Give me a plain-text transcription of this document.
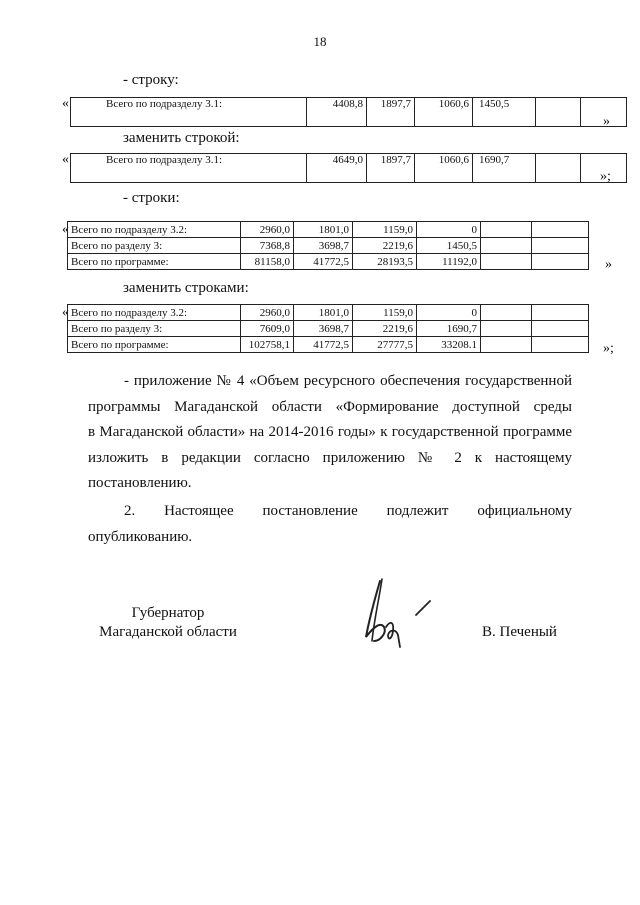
18
- строку:
«	Всего по подразделу 3.1:	4408,8	1897,7	1060,6	1450,5		
»
заменить строкой:
«	Всего по подразделу 3.1:	4649,0	1897,7	1060,6	1690,7		
»;
- строки:
« Всего по подразделу 3.2:	2960,0	1801,0	1159,0	0		
Всего по разделу 3:	7368,8	3698,7	2219,6	1450,5		
Всего по программе:	81158,0	41772,5	28193,5	11192,0			»
заменить строками:
« Всего по подразделу 3.2:	2960,0	1801,0	1159,0	0		
Всего по разделу 3:	7609,0	3698,7	2219,6	1690,7		
Всего по программе:	102758,1	41772,5	27777,5	33208.1			»;
- приложение № 4 «Объем ресурсного обеспечения государственной
программы Магаданской области «Формирование доступной среды
в Магаданской области» на 2014-2016 годы» к государственной программе
изложить в редакции согласно приложению № 2 к настоящему
постановлению.
2. Настоящее постановление подлежит официальному
опубликованию.
Губернатор
Магаданской области	В. Печеный
